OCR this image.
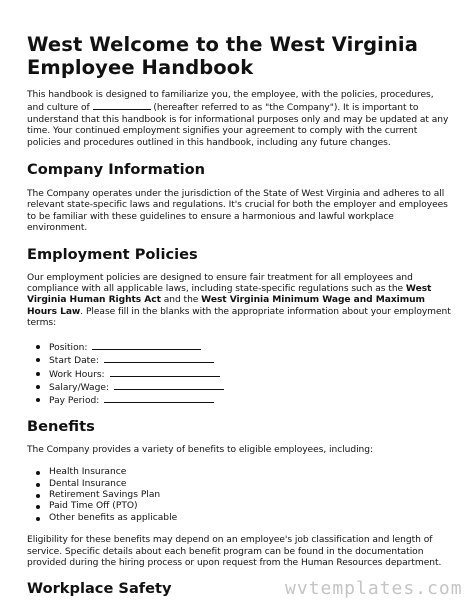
West Welcome to the West Virginia Employee Handbook

This handbook is designed to familiarize you, the employee, with the policies, procedures, and culture of	(hereafter referred to as "the Company"). It is important to understand that this handbook is for informational purposes only and may be updated at any time. Your continued employment signifies your agreement to comply with the current policies and procedures outlined in this handbook, including any future changes.

Company Information

The Company operates under the jurisdiction of the State of West Virginia and adheres to all relevant state-specific laws and regulations. It's crucial for both the employer and employees to be familiar with these guidelines to ensure a harmonious and lawful workplace environment.

Employment Policies

Our employment policies are designed to ensure fair treatment for all employees and compliance with all applicable laws, including state-specific regulations such as the West Virginia Human Rights Act and the West Virginia Minimum Wage and Maximum Hours Law. Please fill in the blanks with the appropriate information about your employment terms:

Position:
Start Date:
Work Hours:
Salary/Wage:
Pay Period:
Benefits

The Company provides a variety of benefits to eligible employees, including:

Health Insurance
Dental Insurance
Retirement Savings Plan
Paid Time Off (PTO)
Other benefits as applicable

Eligibility for these benefits may depend on an employee's job classification and length of service. Specific details about each benefit program can be found in the documentation provided during the hiring process or upon request from the Human Resources department.

Workplace Safety	wvtemplates.com
